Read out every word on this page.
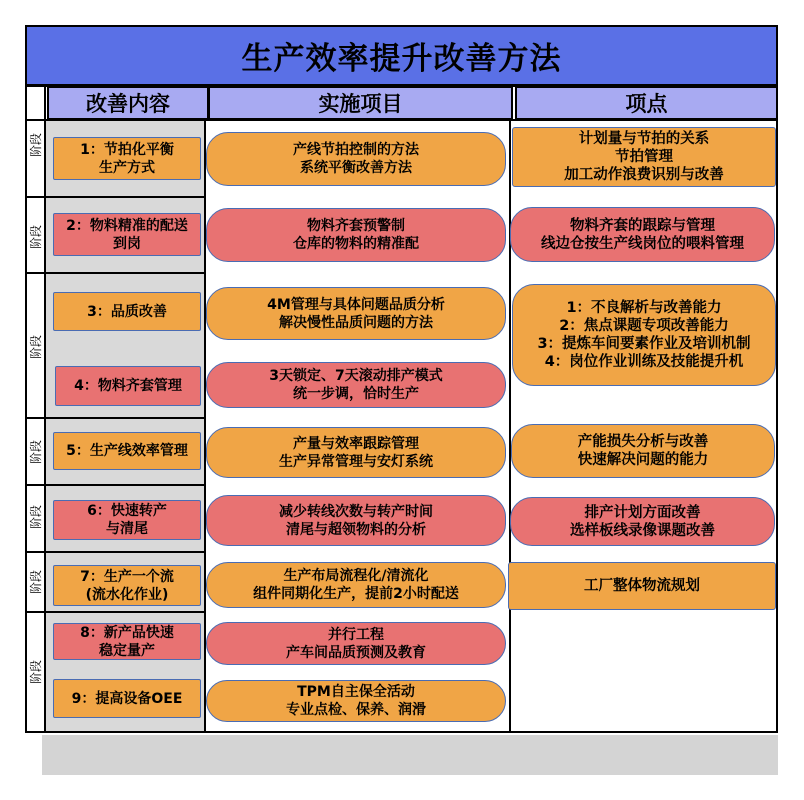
生产效率提升改善方法
改善内容	实施项目	项点
阶段
阶段
阶段
阶段
阶段
阶段
阶段
1：节拍化平衡
生产方式
2：物料精准的配送
到岗
3：品质改善
4：物料齐套管理
5：生产线效率管理
6：快速转产
与清尾
7：生产一个流
(流水化作业)
8：新产品快速
稳定量产
9：提高设备OEE
产线节拍控制的方法
系统平衡改善方法
物料齐套预警制
仓库的物料的精准配
4M管理与具体问题品质分析
解决慢性品质问题的方法
3天锁定、7天滚动排产模式
统一步调，恰时生产
产量与效率跟踪管理
生产异常管理与安灯系统
减少转线次数与转产时间
清尾与超领物料的分析
生产布局流程化/清流化
组件同期化生产，提前2小时配送
并行工程
产车间品质预测及教育
TPM自主保全活动
专业点检、保养、润滑
计划量与节拍的关系
节拍管理
加工动作浪费识别与改善
物料齐套的跟踪与管理
线边仓按生产线岗位的喂料管理
1：不良解析与改善能力
2：焦点课题专项改善能力
3：提炼车间要素作业及培训机制
4：岗位作业训练及技能提升机
产能损失分析与改善
快速解决问题的能力
排产计划方面改善
选样板线录像课题改善
工厂整体物流规划
